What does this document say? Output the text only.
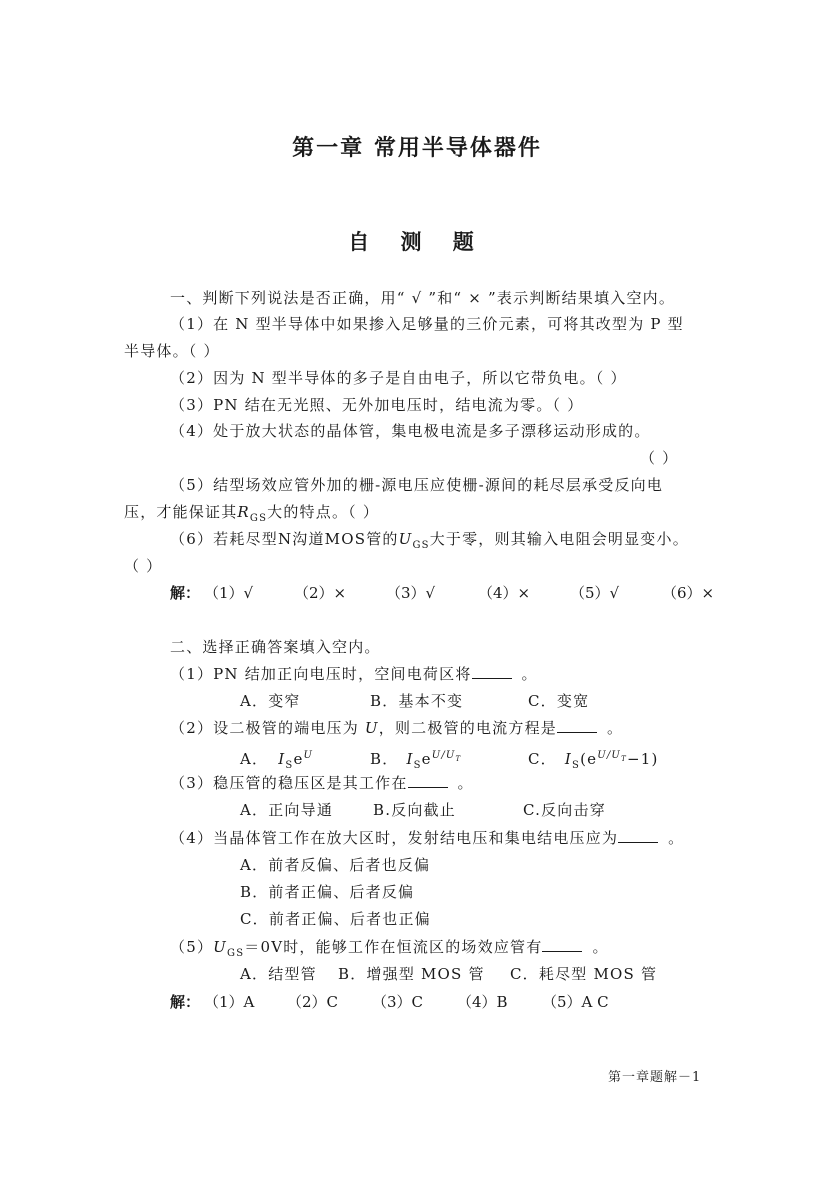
第一章 常用半导体器件
自 测 题
一、判断下列说法是否正确，用“ √ ”和“ × ”表示判断结果填入空内。
（1）在 N 型半导体中如果掺入足够量的三价元素，可将其改型为 P 型
半导体。（ ）
（2）因为 N 型半导体的多子是自由电子，所以它带负电。（ ）
（3）PN 结在无光照、无外加电压时，结电流为零。（ ）
（4）处于放大状态的晶体管，集电极电流是多子漂移运动形成的。
（ ）
（5）结型场效应管外加的栅-源电压应使栅-源间的耗尽层承受反向电
压，才能保证其$R_{GS}$大的特点。（ ）
（6）若耗尽型N沟道MOS管的$U_{GS}$大于零，则其输入电阻会明显变小。
（ ）
解： （1）√	（2）×	（3）√	（4）×	（5）√	（6）×
二、选择正确答案填入空内。
（1）PN 结加正向电压时，空间电荷区将	。
A．变窄	B．基本不变	C．变宽
（2）设二极管的端电压为 U，则二极管的电流方程是	。
A． $I_Se^U$	B． $I_Se^{U/U_T}$	C． $I_S(e^{U/U_T}-1)$
（3）稳压管的稳压区是其工作在	。
A．正向导通	B.反向截止	C.反向击穿
（4）当晶体管工作在放大区时，发射结电压和集电结电压应为	。
A．前者反偏、后者也反偏
B．前者正偏、后者反偏
C．前者正偏、后者也正偏
$(5)U_{GS}=0V$时，能够工作在恒流区的场效应管有	。
A．结型管 B．增强型 MOS 管 C．耗尽型 MOS 管
解： （1）A （2）C （3）C （4）B （5）A C
第一章题解－1
